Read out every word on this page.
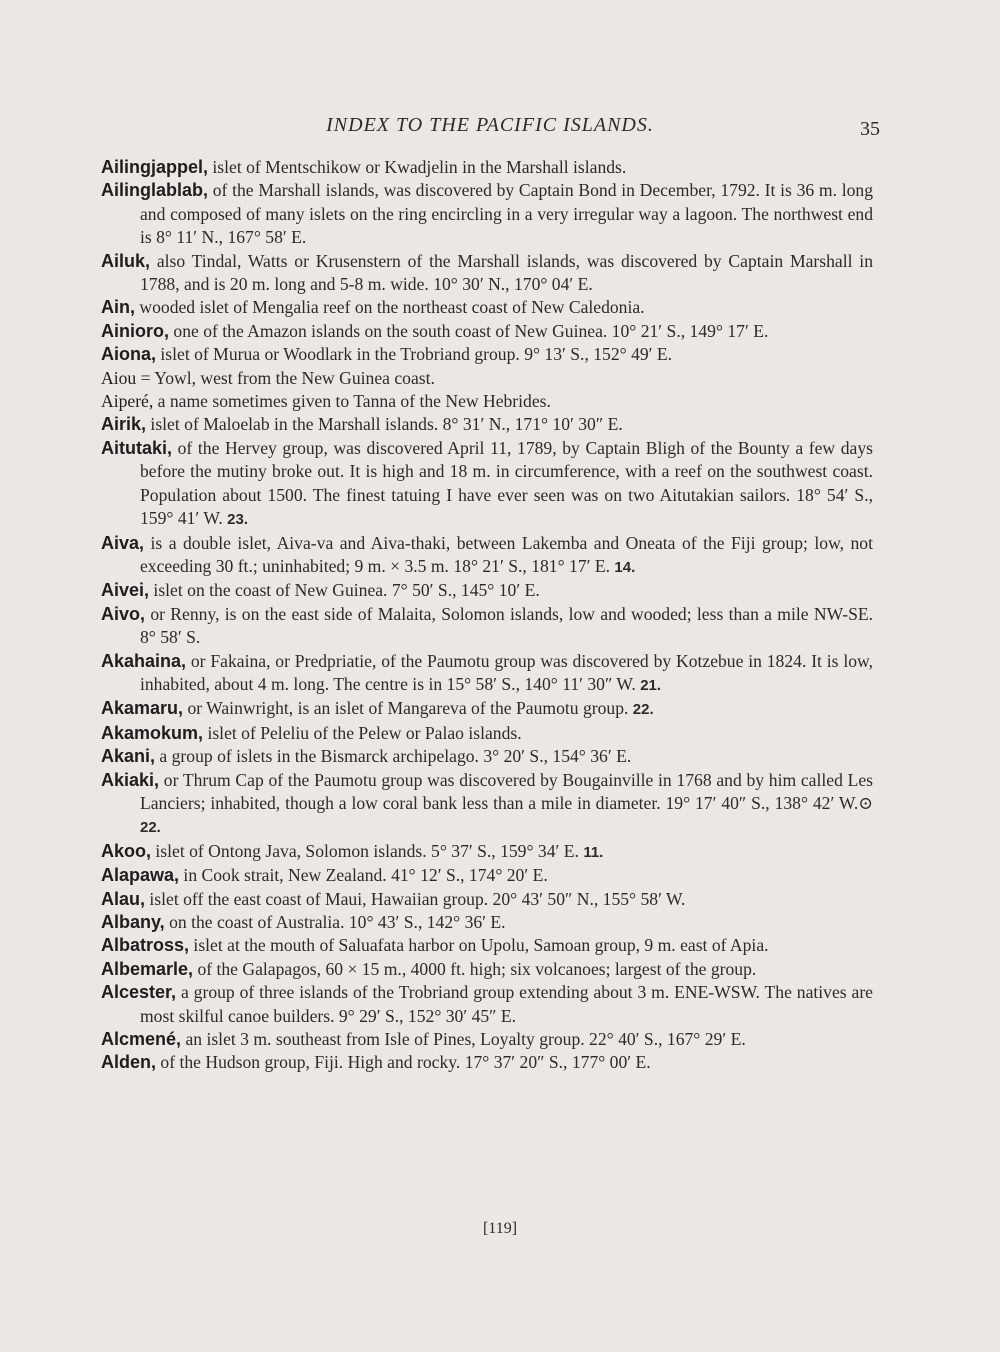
INDEX TO THE PACIFIC ISLANDS.	35
Ailingjappel, islet of Mentschikow or Kwadjelin in the Marshall islands.
Ailinglablab, of the Marshall islands, was discovered by Captain Bond in December, 1792. It is 36 m. long and composed of many islets on the ring encircling in a very irregular way a lagoon. The northwest end is 8° 11′ N., 167° 58′ E.
Ailuk, also Tindal, Watts or Krusenstern of the Marshall islands, was discovered by Captain Marshall in 1788, and is 20 m. long and 5-8 m. wide. 10° 30′ N., 170° 04′ E.
Ain, wooded islet of Mengalia reef on the northeast coast of New Caledonia.
Ainioro, one of the Amazon islands on the south coast of New Guinea. 10° 21′ S., 149° 17′ E.
Aiona, islet of Murua or Woodlark in the Trobriand group. 9° 13′ S., 152° 49′ E.
Aiou = Yowl, west from the New Guinea coast.
Aiperé, a name sometimes given to Tanna of the New Hebrides.
Airik, islet of Maloelab in the Marshall islands. 8° 31′ N., 171° 10′ 30″ E.
Aitutaki, of the Hervey group, was discovered April 11, 1789, by Captain Bligh of the Bounty a few days before the mutiny broke out. It is high and 18 m. in circumference, with a reef on the southwest coast. Population about 1500. The finest tatuing I have ever seen was on two Aitutakian sailors. 18° 54′ S., 159° 41′ W. 23.
Aiva, is a double islet, Aiva-va and Aiva-thaki, between Lakemba and Oneata of the Fiji group; low, not exceeding 30 ft.; uninhabited; 9 m. × 3.5 m. 18° 21′ S., 181° 17′ E. 14.
Aivei, islet on the coast of New Guinea. 7° 50′ S., 145° 10′ E.
Aivo, or Renny, is on the east side of Malaita, Solomon islands, low and wooded; less than a mile NW-SE. 8° 58′ S.
Akahaina, or Fakaina, or Predpriatie, of the Paumotu group was discovered by Kotzebue in 1824. It is low, inhabited, about 4 m. long. The centre is in 15° 58′ S., 140° 11′ 30″ W. 21.
Akamaru, or Wainwright, is an islet of Mangareva of the Paumotu group. 22.
Akamokum, islet of Peleliu of the Pelew or Palao islands.
Akani, a group of islets in the Bismarck archipelago. 3° 20′ S., 154° 36′ E.
Akiaki, or Thrum Cap of the Paumotu group was discovered by Bougainville in 1768 and by him called Les Lanciers; inhabited, though a low coral bank less than a mile in diameter. 19° 17′ 40″ S., 138° 42′ W.⊙ 22.
Akoo, islet of Ontong Java, Solomon islands. 5° 37′ S., 159° 34′ E. 11.
Alapawa, in Cook strait, New Zealand. 41° 12′ S., 174° 20′ E.
Alau, islet off the east coast of Maui, Hawaiian group. 20° 43′ 50″ N., 155° 58′ W.
Albany, on the coast of Australia. 10° 43′ S., 142° 36′ E.
Albatross, islet at the mouth of Saluafata harbor on Upolu, Samoan group, 9 m. east of Apia.
Albemarle, of the Galapagos, 60 × 15 m., 4000 ft. high; six volcanoes; largest of the group.
Alcester, a group of three islands of the Trobriand group extending about 3 m. ENE-WSW. The natives are most skilful canoe builders. 9° 29′ S., 152° 30′ 45″ E.
Alcmené, an islet 3 m. southeast from Isle of Pines, Loyalty group. 22° 40′ S., 167° 29′ E.
Alden, of the Hudson group, Fiji. High and rocky. 17° 37′ 20″ S., 177° 00′ E.
[119]
